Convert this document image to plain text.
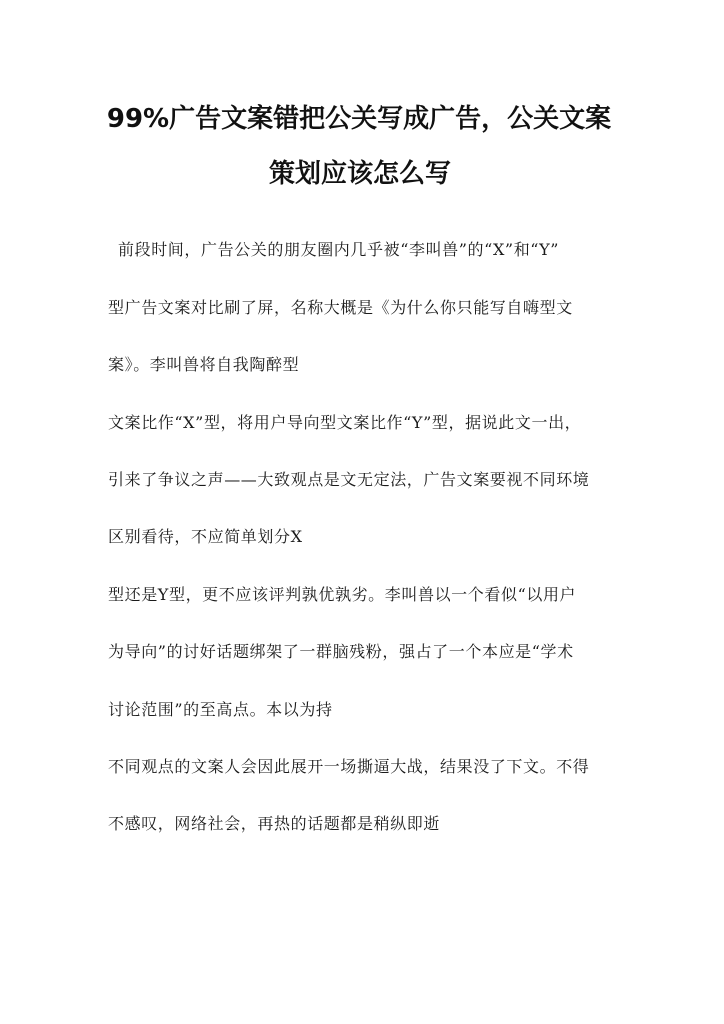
99%广告文案错把公关写成广告，公关文案
策划应该怎么写
前段时间，广告公关的朋友圈内几乎被“李叫兽”的“X”和“Y”
型广告文案对比刷了屏，名称大概是《为什么你只能写自嗨型文
案》。李叫兽将自我陶醉型
文案比作“X”型，将用户导向型文案比作“Y”型，据说此文一出，
引来了争议之声——大致观点是文无定法，广告文案要视不同环境
区别看待，不应简单划分X
型还是Y型，更不应该评判孰优孰劣。李叫兽以一个看似“以用户
为导向”的讨好话题绑架了一群脑残粉，强占了一个本应是“学术
讨论范围”的至高点。本以为持
不同观点的文案人会因此展开一场撕逼大战，结果没了下文。不得
不感叹，网络社会，再热的话题都是稍纵即逝
